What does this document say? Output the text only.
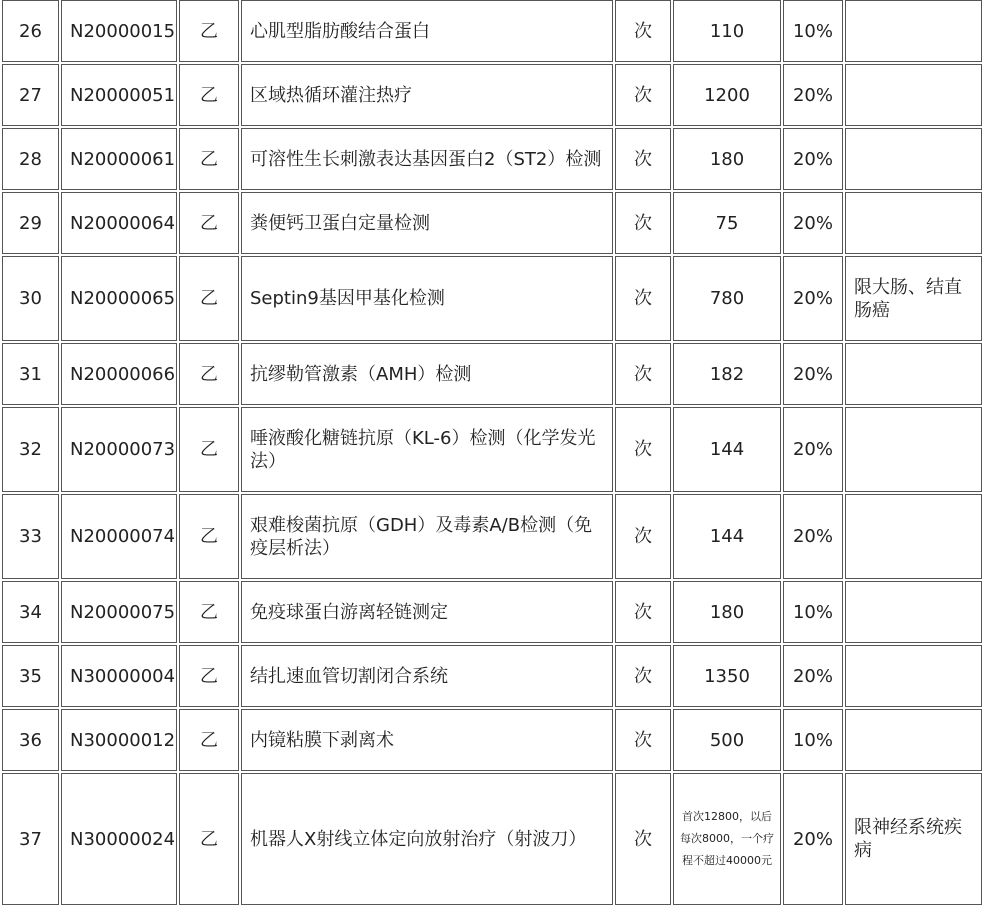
26	N20000015	乙	心肌型脂肪酸结合蛋白	次	110	10%	
27	N20000051	乙	区域热循环灌注热疗	次	1200	20%	
28	N20000061	乙	可溶性生长刺激表达基因蛋白2（ST2）检测	次	180	20%	
29	N20000064	乙	粪便钙卫蛋白定量检测	次	75	20%	
30	N20000065	乙	Septin9基因甲基化检测	次	780	20%	限大肠、结直肠癌
31	N20000066	乙	抗缪勒管激素（AMH）检测	次	182	20%	
32	N20000073	乙	唾液酸化糖链抗原（KL-6）检测（化学发光法）	次	144	20%	
33	N20000074	乙	艰难梭菌抗原（GDH）及毒素A/B检测（免疫层析法）	次	144	20%	
34	N20000075	乙	免疫球蛋白游离轻链测定	次	180	10%	
35	N30000004	乙	结扎速血管切割闭合系统	次	1350	20%	
36	N30000012	乙	内镜粘膜下剥离术	次	500	10%	
37	N30000024	乙	机器人X射线立体定向放射治疗（射波刀）	次	首次12800，以后每次8000，一个疗程不超过40000元	20%	限神经系统疾病
